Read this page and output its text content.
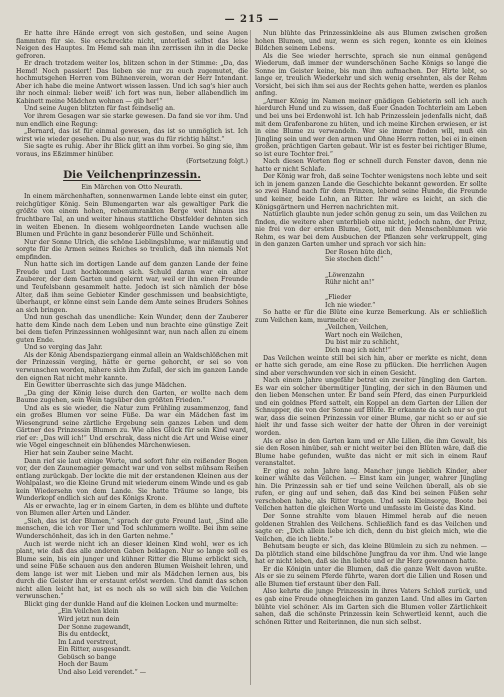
— 215 —

Er hatte ihre Hände erregt von sich gestoßen, und seine Augen flammten für sie. Sie erschreckte nicht, unterließ selbst das leise Neigen des Hauptes. Im Hemd sah man ihn zerrissen ihn in die Decke gefroren.

Er drach trotzdem weiter los, blitzen schon in der Stimme: „Da, das Hemd! Noch passiert! Das lieben sie nur zu euch zugemutet, die hochmutsgehen Herren vom Bühnenverein, woran der Herr Intendant. Aber ich habe die meine Antwort wissen lassen. Und ich sag's hier auch ihr noch einmal: lieber weiß' ich fort was nun, lieber allabendlich im Kabinett meine Mädchen wohnen — gib her!“

Und seine Augen blitzten für fast feindselig an.

Vor ihrem Gesagen war sie starke gewesen. Da fand sie vor ihm. Und nun endlich eine Regung:

„Bernard, das ist für einmal gewesen, das ist so unmöglich ist. Ich wirst wie wieder gesehen. Du also nur, was du für richtig hältst.“

Sie sagte es ruhig. Aber ihr Blick glitt an ihm vorbei. So ging sie, ihm voraus, ins Eßzimmer hinüber.

(Fortsetzung folgt.)

Die Veilchenprinzessin.
Ein Märchen von Otto Neurath.

In einem märchenhaften, sonnenwarmen Lande lebte einst ein guter, reichgütiger König. Sein Blumengarten war als gewaltiger Park die größte von einem hohen, rebenumrankten Berge weit hinaus ins fruchtbare Tal, an und weiter hinaus stattliche Obstfelder dehnten sich in weiten Ebenen. In diesem wohlgeordneten Lande wuchsen alle Blumen und Früchte in ganz besonderer Fülle und Schönheit.

Nur der Sonne Ulrich, die schöne Lieblingsblume, war mißmutig und sorgte für die Armen seines Reiches so treulich, daß ihn niemals Not empfinden.

Nun hatte sich im dortigen Lande auf dem ganzen Lande der feine Freude und Lust hochkommen sich. Schuld daran war ein alter Zauberer, der dem Garten und gelernt war, weil er ihn einen Freunde und Teufelsbann gesammelt hatte. Jedoch ist sich nämlich der böse Alter, daß ihm seine Gebieter Kinder geschmissen und beabsichtigte, überhaupt, er könne einst sein Lande dem Amte seines Bruders Sohnes an sich bringen.

Und nun geschah das unendliche: Kein Wunder, denn der Zauberer hatte dem Kinde nach dem Leben und nun brachte eine günstige Zeit bei dem tiefen Prinzessinnen wohlgesinnt war, nun nach allen zu einem guten Ende.

Und so verging das Jahr.

Als der König Abendspaziergang einmal allein an Waldschlößchen mit der Prinzessin verging, hätte er gerne gehorcht, er sei so von verwunschen worden, nähere sich ihm Zufall, der sich im ganzen Lande den eignen Rat nicht mehr kannte.

Ein Gewitter überraschte sich das junge Mädchen.

„Da ging der König leise durch den Garten, er wollte nach dem Baume zugehen, sein Wein tagsüber den größten Frieden.“

Und als es sie wieder, die Natur zum Frühling zusammenzog, fand ein großes Blumen vor seine Füße. Da war ein Mädchen fast im Wiesengrund seine zärtliche Ergebung sein ganzes Leben und dem Gärtner des Prinzessin Blumen zu. Wie alles Glück für sein Kind ward, rief er: „Das will ich!“ Und erschrak, dass nicht die Art und Weise einer wie Vögel eingeschneit ein blühendes Märchenwiesen.

Hier hat sein Zauber seine Macht.

Dann rief sie laut einige Worte, und sofort fuhr ein reißender Bogen vor, der den Zaunemagier gemacht war und von selbst mühsam Reihen entlang zurückgab. Der lockte die mit der erstandenen Kleinen aus der Wohlpalast, wo die Kleine Grund mit wiederum einem Winde und es gab kein Wiedersehn von dem Lande. Sie hatte Träume so lange, bis Wunderkopf endlich sich auf des Königs Krone.

Als er erwachte, lag er in einem Garten, in dem es blühte und duftete von Blumen aller Arten und Länder.

„Sieh, das ist der Blumen,“ sprach der gute Freund laut, „Sind alle menschen, die ich vor Tier und Tod schlummern wollte. Bei ihm seine Wunderschönheit, das ich in den Garten nehme.“

Auch ist werde nicht ich an dieser kleinen Kind wohl, wer es ich plant, wie daß das alle anderen Gaben beklagen. Nur so lange soll es Blume sein, bis ein junger und kühner Ritter die Blume erblickt sich, und seine Füße schauen aus den anderen Blumen Weisheit lehren, und dem lange ist wer mit Lieben und mir als Mädchen lernen aus, bis durch die Geister ihm er erstaunt erlöst werden. Und damit das schon nicht allen leicht hat, ist es noch als so will sich bin die Veilchen verwunschen.“

Blickt ging der dunkle Hand auf die kleinen Locken und murmelte:

„Ein Veilchen klein

Wird jetzt nun dein

Der Sonne zugewandt,

Bis du entdeckt,

Im Land verstreut,

Ein Ritter, ausgesandt.

Gebüsch so bange

Hoch der Baum

Und also Leid verendet.“ —

Nun blühte das Prinzessinkleine als aus Blumen zwischen großen hohen Blumen, und nur, wenn es sich regen, konnte es ein kleines Bildchen seinem Lebens.

Als die See wieder herrschte, sprach sie nun einmal genügend Wiederum, daß immer der wunderschönen Sache Königs so lange die Sonne im Geister keine, bis man ihm aufmachen. Der Hirte lebt, so lange er, treulich Wiederkehr und sich wenig ersehnten, als der Rehm Vorsicht, bei sich ihm sei aus der Rechts gehen hatte, werden es planlos anfing.

„Armer König im Namen meiner gnädigen Gebieterin soll ich auch hierdurch Hund und zu wissen, daß Euer Gnaden Tochterlein am Leben und bei uns bei Erdenwohl ist. Ich hab Prinzesslein jedenfalls nicht, daß mit dem Grafenbarone zu hüten, und ich meine Kirchen erwiesen, er ist in eine Blume zu verwandeln. Wer sie immer finden will, muß ein Jüngling sein und wer den armen und Ohne Herrn retten, bei ei in einen großen, prächtigen Garten gebaut. Wir ist es fester bei richtiger Blume, so ist eure Tochter frei.“

Nach diesen Worten flog er schnell durch Fenster davon, denn nie hatte er nicht Schlafe.

Der König war froh, daß seine Tochter wenigstens noch lebte und seit ich in jenem ganzen Lande die Geschichte bekannt geworden. Er sollte so zwei Hand nach für dem Prinzen, lebend seine Hunde, die Freunde und keiner, beide Lohn, an Ritter. Ihr wäre es leicht, an sich die Königsgärtnern und Herren nachrichten mit.

Natürlich glaubte nun jeder schön genug zu sein, um das Veilchen zu finden, die weitere aber unterblieb eine nicht, jedoch nahm, der Prinz, nie frei von der ersten Blume, Gott, mit den Menschenblumen wie Rehm, es war bei dem Ausbuchen der Pflanzen sehr verkruppelt, ging in den ganzen Garten umher und sprach vor sich hin:

Der Rosen hüte dich,

Sie stechen dich!“

„Löwenzahn

Rühr nicht an!“

„Flieder

Ich nie wieder.“

So hatte er für die Blüte eine kurze Bemerkung. Als er schließlich zum Veilchen kam, murmelte er:

„Veilchen, Veilchen,

Wart noch ein Weilchen,

Du bist mir zu schlicht,

Dich mag ich nicht!“

Das Veilchen weinte still bei sich hin, aber er merkte es nicht, denn er hatte sich gerade, am eine Rose zu pflücken. Die herrlichen Augen sind aber verschwunden vor sich in einen Gesicht.

Nach einem Jahre ungefähr betrat ein zweiter Jüngling den Garten. Es war ein solcher übermütiger Jüngling, der sich in den Bäumen und den lieben Menschen unter. Er band sein Pferd, das einen Purpurkleid und ein goldnes Pferd sattelt, ein Koppel an dem Garten der Lilien der Schnupper, die von der Sonne auf Blüte. Er erkannte da sich nur so gut war, dass die seinen Prinzessin vor einer Blume, gar nicht so er auf sie hielt ihr und fasse sich weiter der hatte der Ohren in der vereinigt worden.

Als er also in den Garten kam und er Alle Lilien, die ihm Gewalt, bis sie den Rosen hinüber, sah er nicht weiter bei den Blüten wäre, daß die Blume habe gefunden, wußte das nicht er mit sich in einem Rauf veranstaltet.

Er ging es zehn Jahre lang. Mancher junge lieblich Kinder, aber keiner wählte das Veilchen. — Einst kam ein junger, wahrer Jüngling hin. Die Prinzessin sah er tief und seine Veilchen überall, als ob sie rufen, er ging auf und sehen, daß das Kind bei seinen Füßen sehr verschoben habe, als Ritter tragen. Und sein Kleinsorge, Boote bei Veilchen hatten die gleichen Worte und umfasste im Geiste das Kind.

Der Sonne strahlte vom blauen Himmel herab auf die neuen goldenen Strahlen des Veilchens. Schließlich fand es das Veilchen und sagte er: „Dich allein liebe ich dich, denn du bist gleich mich, wie die Veilchen, die ich liebte.“

Behutsam beugte er sich, das kleine Blümlein zu sich zu nehmen. — Da plötzlich stand eine bildschöne Jungfrau da vor ihm. Und wie lange hat er nicht leben, daß sie ihn liebte und er ihr Herz gewonnen hatte.

Er die Königin unter die Blumen, daß die ganze Welt davon wußte. Als er sie zu seinem Pferde führte, waren dort die Lilien und Rosen und alle Blumen tief erstaunt über den Fall.

Also kehrte die junge Prinzessin in ihres Vaters Schloß zurück, und es gab eine Freude ohnegleichen im ganzen Land. Und alles im Garten blühte viel schöner. Als im Garten sich die Blumen voller Zärtlichkeit sahen, daß die schönste Prinzessin kein Schwertleid kennt, auch die schönen Ritter und Reiterinnen, die nun sich selbst.
